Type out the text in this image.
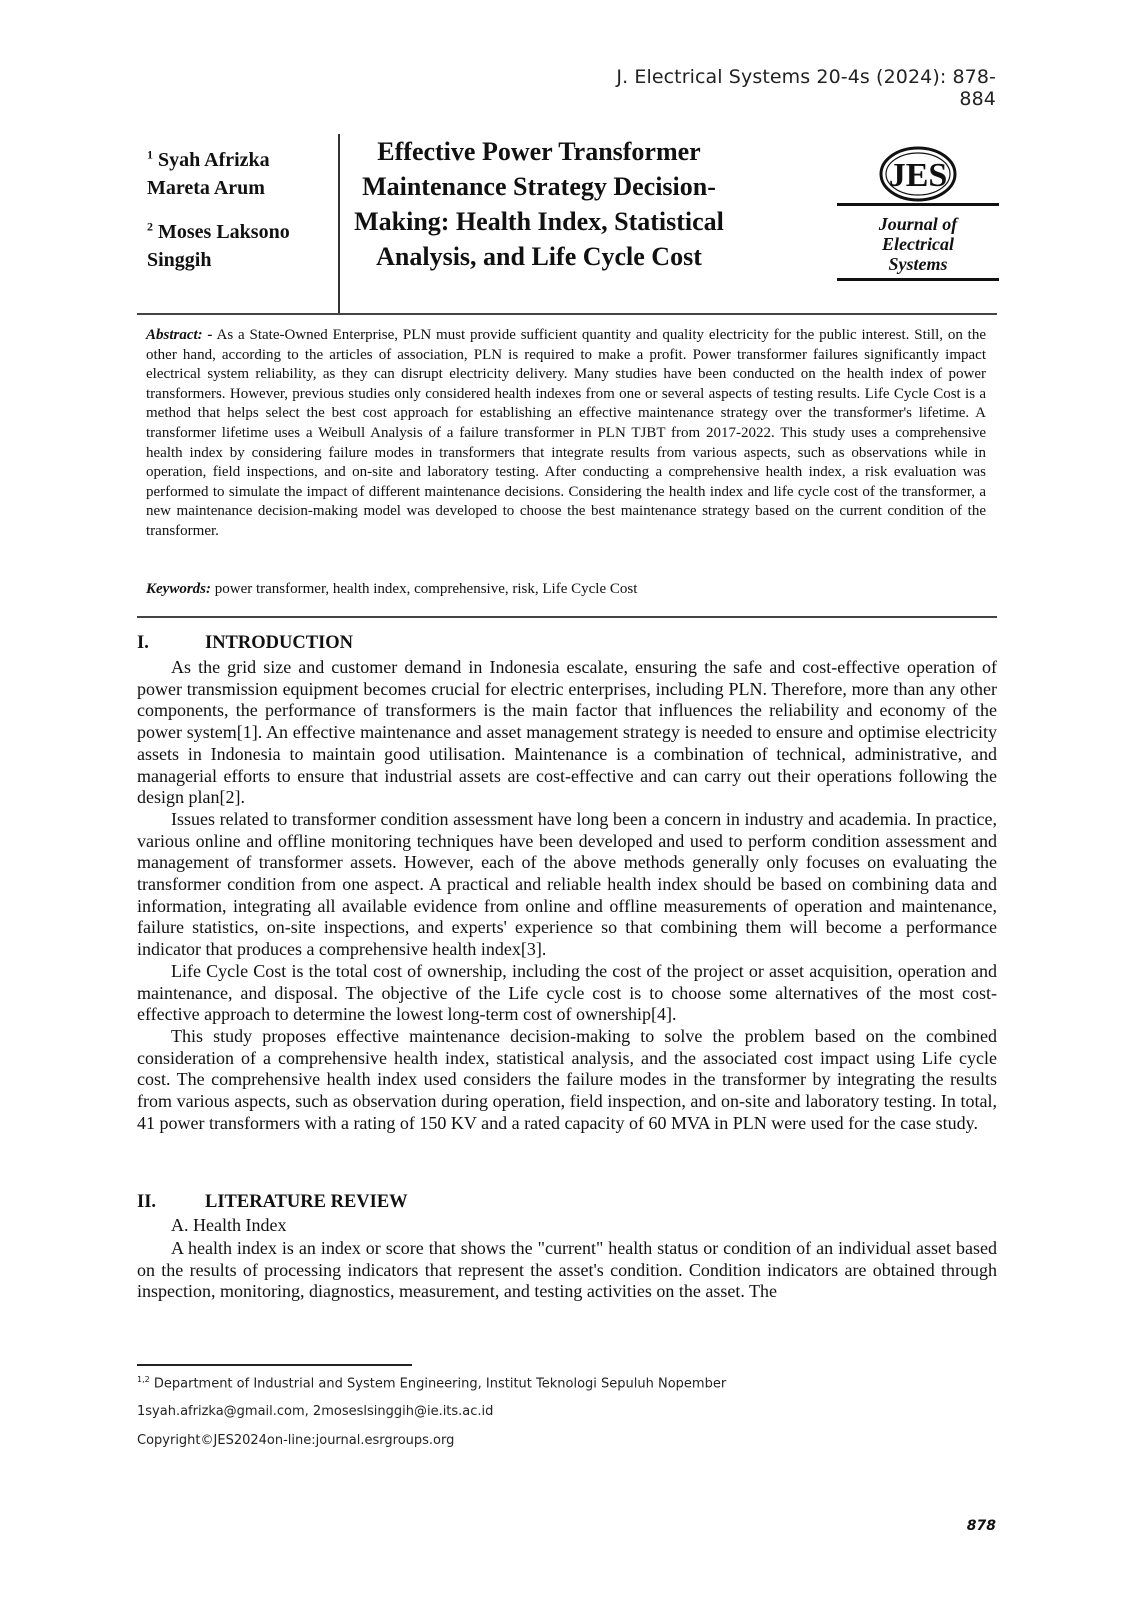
J. Electrical Systems 20-4s (2024): 878-884
$^1$ Syah Afrizka Mareta Arum
$^2$ Moses Laksono Singgih
Effective Power Transformer Maintenance Strategy Decision-Making: Health Index, Statistical Analysis, and Life Cycle Cost
JES
Journal of
Electrical
Systems
Abstract: - As a State-Owned Enterprise, PLN must provide sufficient quantity and quality electricity for the public interest. Still, on the other hand, according to the articles of association, PLN is required to make a profit. Power transformer failures significantly impact electrical system reliability, as they can disrupt electricity delivery. Many studies have been conducted on the health index of power transformers. However, previous studies only considered health indexes from one or several aspects of testing results. Life Cycle Cost is a method that helps select the best cost approach for establishing an effective maintenance strategy over the transformer's lifetime. A transformer lifetime uses a Weibull Analysis of a failure transformer in PLN TJBT from 2017-2022. This study uses a comprehensive health index by considering failure modes in transformers that integrate results from various aspects, such as observations while in operation, field inspections, and on-site and laboratory testing. After conducting a comprehensive health index, a risk evaluation was performed to simulate the impact of different maintenance decisions. Considering the health index and life cycle cost of the transformer, a new maintenance decision-making model was developed to choose the best maintenance strategy based on the current condition of the transformer.
Keywords: power transformer, health index, comprehensive, risk, Life Cycle Cost
I.	INTRODUCTION

As the grid size and customer demand in Indonesia escalate, ensuring the safe and cost-effective operation of power transmission equipment becomes crucial for electric enterprises, including PLN. Therefore, more than any other components, the performance of transformers is the main factor that influences the reliability and economy of the power system[1]. An effective maintenance and asset management strategy is needed to ensure and optimise electricity assets in Indonesia to maintain good utilisation. Maintenance is a combination of technical, administrative, and managerial efforts to ensure that industrial assets are cost-effective and can carry out their operations following the design plan[2].

Issues related to transformer condition assessment have long been a concern in industry and academia. In practice, various online and offline monitoring techniques have been developed and used to perform condition assessment and management of transformer assets. However, each of the above methods generally only focuses on evaluating the transformer condition from one aspect. A practical and reliable health index should be based on combining data and information, integrating all available evidence from online and offline measurements of operation and maintenance, failure statistics, on-site inspections, and experts' experience so that combining them will become a performance indicator that produces a comprehensive health index[3].

Life Cycle Cost is the total cost of ownership, including the cost of the project or asset acquisition, operation and maintenance, and disposal. The objective of the Life cycle cost is to choose some alternatives of the most cost-effective approach to determine the lowest long-term cost of ownership[4].

This study proposes effective maintenance decision-making to solve the problem based on the combined consideration of a comprehensive health index, statistical analysis, and the associated cost impact using Life cycle cost. The comprehensive health index used considers the failure modes in the transformer by integrating the results from various aspects, such as observation during operation, field inspection, and on-site and laboratory testing. In total, 41 power transformers with a rating of 150 KV and a rated capacity of 60 MVA in PLN were used for the case study.

II.	LITERATURE REVIEW
A. Health Index

A health index is an index or score that shows the "current" health status or condition of an individual asset based on the results of processing indicators that represent the asset's condition. Condition indicators are obtained through inspection, monitoring, diagnostics, measurement, and testing activities on the asset. The

$^{1,2}$ Department of Industrial and System Engineering, Institut Teknologi Sepuluh Nopember
1syah.afrizka@gmail.com, 2moseslsinggih@ie.its.ac.id
Copyright©JES2024on-line:journal.esrgroups.org
878
